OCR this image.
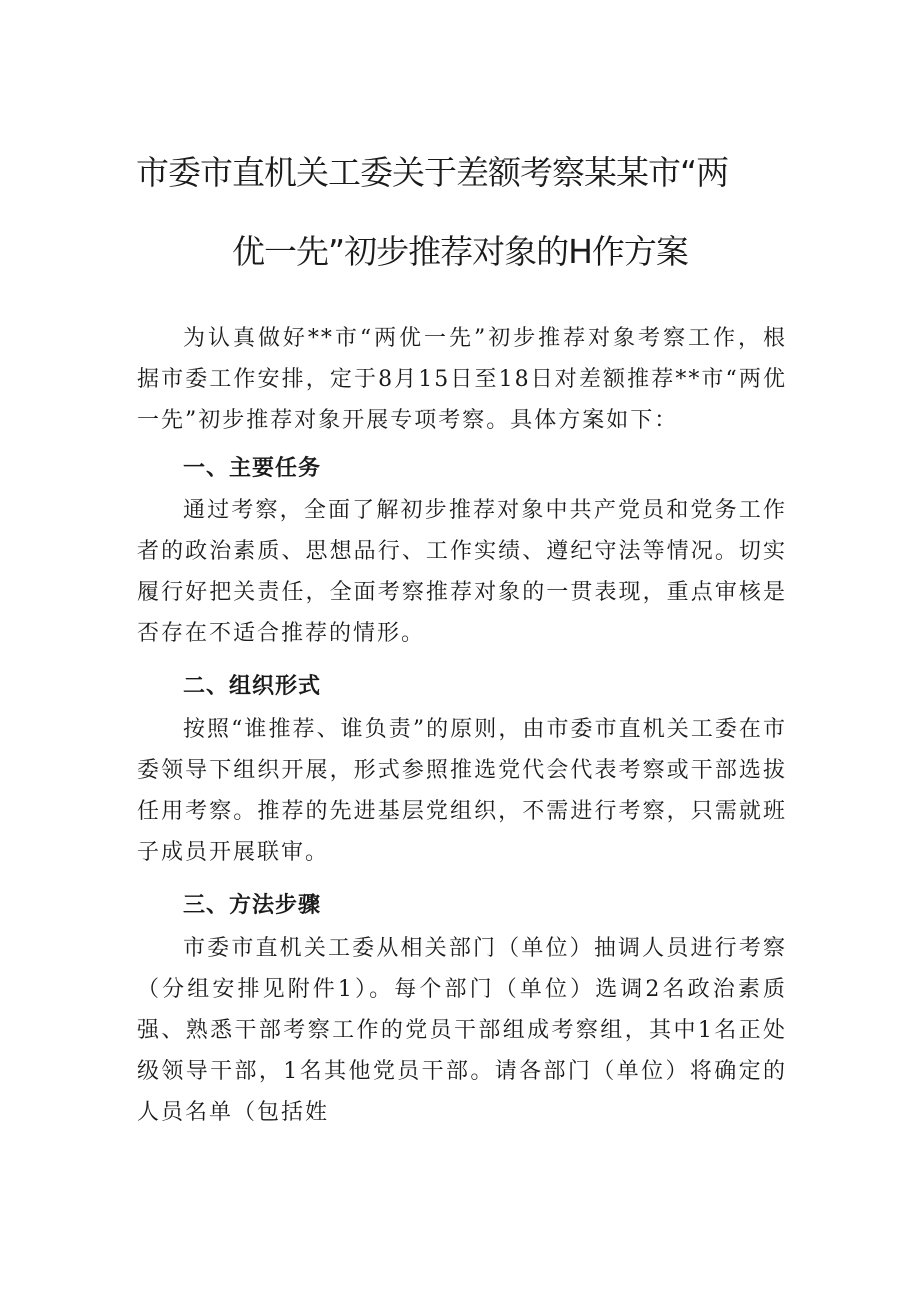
市委市直机关工委关于差额考察某某市“两
优一先”初步推荐对象的H作方案

为认真做好**市“两优一先”初步推荐对象考察工作，根据市委工作安排，定于8月15日至18日对差额推荐**市“两优一先”初步推荐对象开展专项考察。具体方案如下：

一、主要任务

通过考察，全面了解初步推荐对象中共产党员和党务工作者的政治素质、思想品行、工作实绩、遵纪守法等情况。切实履行好把关责任，全面考察推荐对象的一贯表现，重点审核是否存在不适合推荐的情形。

二、组织形式

按照“谁推荐、谁负责”的原则，由市委市直机关工委在市委领导下组织开展，形式参照推选党代会代表考察或干部选拔任用考察。推荐的先进基层党组织，不需进行考察，只需就班子成员开展联审。

三、方法步骤

市委市直机关工委从相关部门（单位）抽调人员进行考察（分组安排见附件1）。每个部门（单位）选调2名政治素质强、熟悉干部考察工作的党员干部组成考察组，其中1名正处级领导干部，1名其他党员干部。请各部门（单位）将确定的人员名单（包括姓
